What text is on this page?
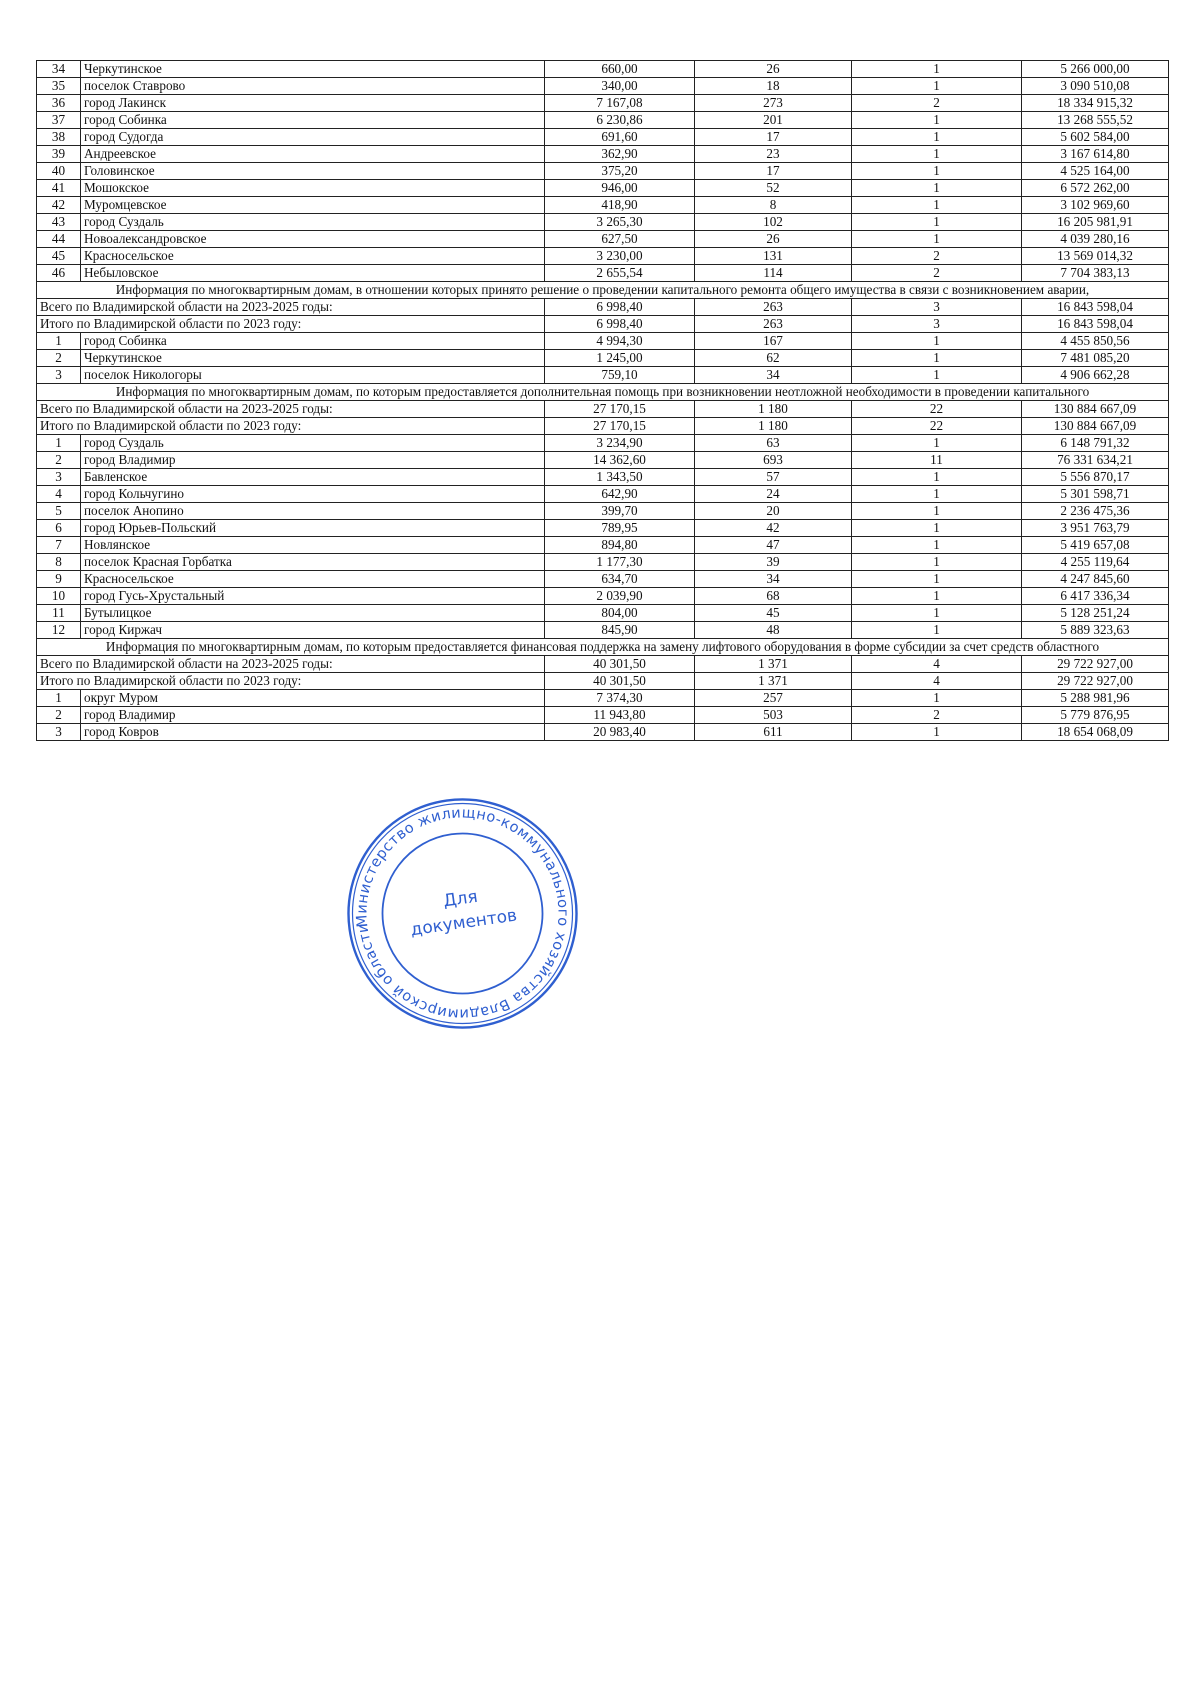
34	Черкутинское	660,00	26	1	5 266 000,00
35	поселок Ставрово	340,00	18	1	3 090 510,08
36	город Лакинск	7 167,08	273	2	18 334 915,32
37	город Собинка	6 230,86	201	1	13 268 555,52
38	город Судогда	691,60	17	1	5 602 584,00
39	Андреевское	362,90	23	1	3 167 614,80
40	Головинское	375,20	17	1	4 525 164,00
41	Мошокское	946,00	52	1	6 572 262,00
42	Муромцевское	418,90	8	1	3 102 969,60
43	город Суздаль	3 265,30	102	1	16 205 981,91
44	Новоалександровское	627,50	26	1	4 039 280,16
45	Красносельское	3 230,00	131	2	13 569 014,32
46	Небыловское	2 655,54	114	2	7 704 383,13
Информация по многоквартирным домам, в отношении которых принято решение о проведении капитального ремонта общего имущества в связи с возникновением аварии,					
Всего по Владимирской области на 2023-2025 годы:		6 998,40	263	3	16 843 598,04
Итого по Владимирской области по 2023 году:		6 998,40	263	3	16 843 598,04
1	город Собинка	4 994,30	167	1	4 455 850,56
2	Черкутинское	1 245,00	62	1	7 481 085,20
3	поселок Никологоры	759,10	34	1	4 906 662,28
Информация по многоквартирным домам, по которым предоставляется дополнительная помощь при возникновении неотложной необходимости в проведении капитального					
Всего по Владимирской области на 2023-2025 годы:		27 170,15	1 180	22	130 884 667,09
Итого по Владимирской области по 2023 году:		27 170,15	1 180	22	130 884 667,09
1	город Суздаль	3 234,90	63	1	6 148 791,32
2	город Владимир	14 362,60	693	11	76 331 634,21
3	Бавленское	1 343,50	57	1	5 556 870,17
4	город Кольчугино	642,90	24	1	5 301 598,71
5	поселок Анопино	399,70	20	1	2 236 475,36
6	город Юрьев-Польский	789,95	42	1	3 951 763,79
7	Новлянское	894,80	47	1	5 419 657,08
8	поселок Красная Горбатка	1 177,30	39	1	4 255 119,64
9	Красносельское	634,70	34	1	4 247 845,60
10	город Гусь-Хрустальный	2 039,90	68	1	6 417 336,34
11	Бутылицкое	804,00	45	1	5 128 251,24
12	город Киржач	845,90	48	1	5 889 323,63
Информация по многоквартирным домам, по которым предоставляется финансовая поддержка на замену лифтового оборудования в форме субсидии за счет средств областного					
Всего по Владимирской области на 2023-2025 годы:		40 301,50	1 371	4	29 722 927,00
Итого по Владимирской области по 2023 году:		40 301,50	1 371	4	29 722 927,00
1	округ Муром	7 374,30	257	1	5 288 981,96
2	город Владимир	11 943,80	503	2	5 779 876,95
3	город Ковров	20 983,40	611	1	18 654 068,09
Министерство жилищно-коммунального хозяйства Владимирской области
Для
документов
